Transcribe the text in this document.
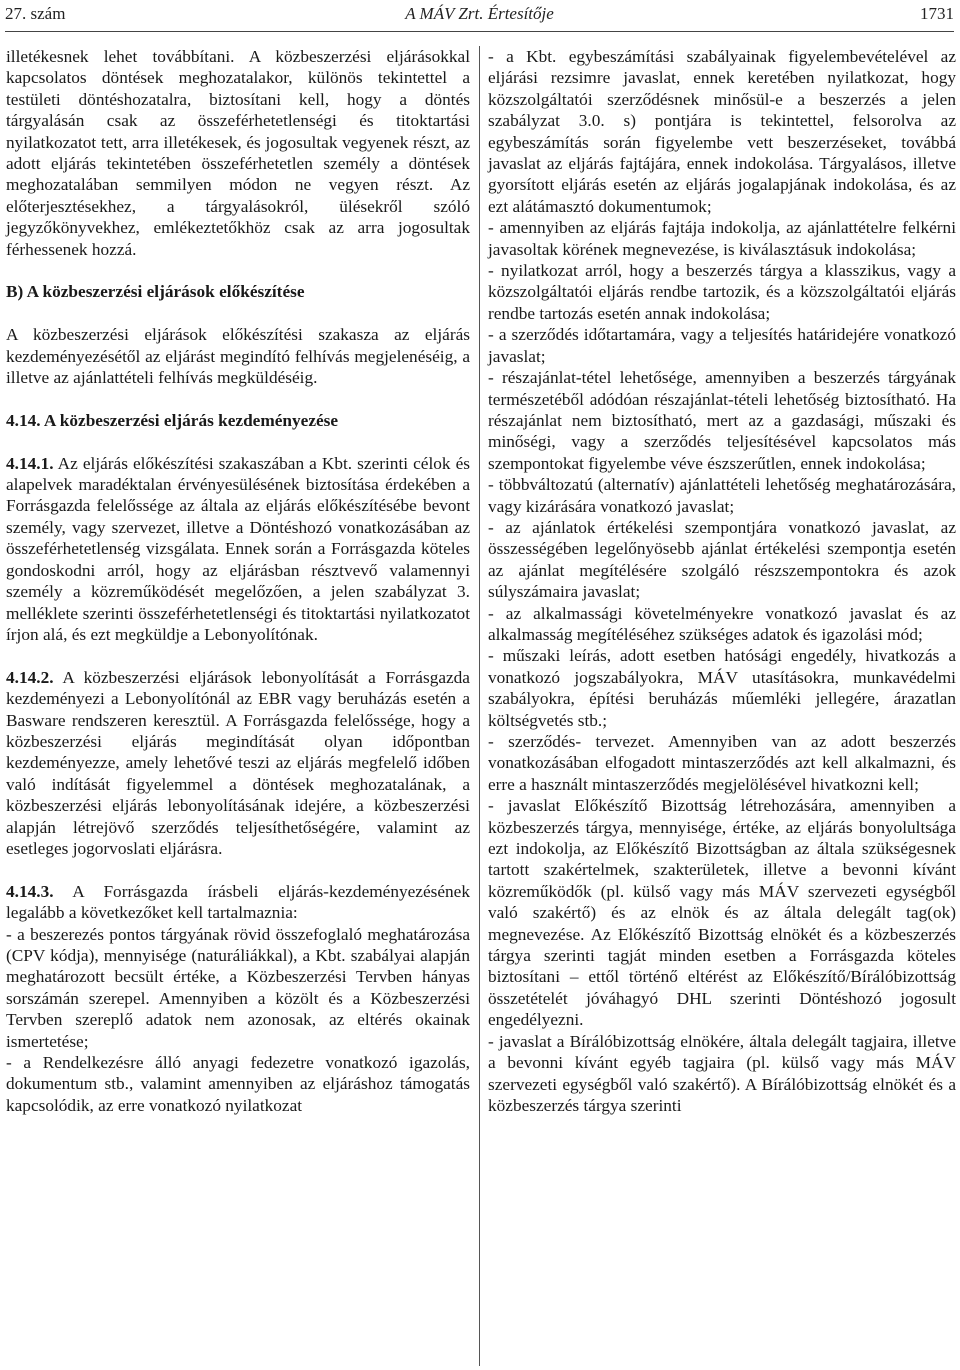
27. szám	A MÁV Zrt. Értesítője	1731

illetékesnek lehet továbbítani. A közbeszerzési eljárásokkal kapcsolatos döntések meghozatalakor, különös tekintettel a testületi döntéshozatalra, biztosítani kell, hogy a döntés tárgyalásán csak az összeférhetetlenségi és titoktartási nyilatkozatot tett, arra illetékesek, és jogosultak vegyenek részt, az adott eljárás tekintetében összeférhetetlen személy a döntések meghozatalában semmilyen módon ne vegyen részt. Az előterjesztésekhez, a tárgyalásokról, ülésekről szóló jegyzőkönyvekhez, emlékeztetőkhöz csak az arra jogosultak férhessenek hozzá.

B) A közbeszerzési eljárások előkészítése

A közbeszerzési eljárások előkészítési szakasza az eljárás kezdeményezésétől az eljárást megindító felhívás megjelenéséig, a illetve az ajánlattételi felhívás megküldéséig.

4.14. A közbeszerzési eljárás kezdeményezése

4.14.1. Az eljárás előkészítési szakaszában a Kbt. szerinti célok és alapelvek maradéktalan érvényesülésének biztosítása érdekében a Forrásgazda felelőssége az általa az eljárás előkészítésébe bevont személy, vagy szervezet, illetve a Döntéshozó vonatkozásában az összeférhetetlenség vizsgálata. Ennek során a Forrásgazda köteles gondoskodni arról, hogy az eljárásban résztvevő valamennyi személy a közreműködését megelőzően, a jelen szabályzat 3. melléklete szerinti összeférhetetlenségi és titoktartási nyilatkozatot írjon alá, és ezt megküldje a Lebonyolítónak.

4.14.2. A közbeszerzési eljárások lebonyolítását a Forrásgazda kezdeményezi a Lebonyolítónál az EBR vagy beruházás esetén a Basware rendszeren keresztül. A Forrásgazda felelőssége, hogy a közbeszerzési eljárás megindítását olyan időpontban kezdeményezze, amely lehetővé teszi az eljárás megfelelő időben való indítását figyelemmel a döntések meghozatalának, a közbeszerzési eljárás lebonyolításának idejére, a közbeszerzési alapján létrejövő szerződés teljesíthetőségére, valamint az esetleges jogorvoslati eljárásra.

4.14.3. A Forrásgazda írásbeli eljárás-kezdeményezésének legalább a következőket kell tartalmaznia:

- a beszerezés pontos tárgyának rövid összefoglaló meghatározása (CPV kódja), mennyisége (naturáliákkal), a Kbt. szabályai alapján meghatározott becsült értéke, a Közbeszerzési Tervben hányas sorszámán szerepel. Amennyiben a közölt és a Közbeszerzési Tervben szereplő adatok nem azonosak, az eltérés okainak ismertetése;

- a Rendelkezésre álló anyagi fedezetre vonatkozó igazolás, dokumentum stb., valamint amennyiben az eljáráshoz támogatás kapcsolódik, az erre vonatkozó nyilatkozat

- a Kbt. egybeszámítási szabályainak figyelembevételével az eljárási rezsimre javaslat, ennek keretében nyilatkozat, hogy közszolgáltatói szerződésnek minősül-e a beszerzés a jelen szabályzat 3.0. s) pontjára is tekintettel, felsorolva az egybeszámítás során figyelembe vett beszerzéseket, továbbá javaslat az eljárás fajtájára, ennek indokolása. Tárgyalásos, illetve gyorsított eljárás esetén az eljárás jogalapjának indokolása, és az ezt alátámasztó dokumentumok;

- amennyiben az eljárás fajtája indokolja, az ajánlattételre felkérni javasoltak körének megnevezése, is kiválasztásuk indokolása;

- nyilatkozat arról, hogy a beszerzés tárgya a klasszikus, vagy a közszolgáltatói eljárás rendbe tartozik, és a közszolgáltatói eljárás rendbe tartozás esetén annak indokolása;

- a szerződés időtartamára, vagy a teljesítés határidejére vonatkozó javaslat;

- részajánlat-tétel lehetősége, amennyiben a beszerzés tárgyának természetéből adódóan részajánlat-tételi lehetőség biztosítható. Ha részajánlat nem biztosítható, mert az a gazdasági, műszaki és minőségi, vagy a szerződés teljesítésével kapcsolatos más szempontokat figyelembe véve észszerűtlen, ennek indokolása;

- többváltozatú (alternatív) ajánlattételi lehetőség meghatározására, vagy kizárására vonatkozó javaslat;

- az ajánlatok értékelési szempontjára vonatkozó javaslat, az összességében legelőnyösebb ajánlat értékelési szempontja esetén az ajánlat megítélésére szolgáló részszempontokra és azok súlyszámaira javaslat;

- az alkalmassági követelményekre vonatkozó javaslat és az alkalmasság megítéléséhez szükséges adatok és igazolási mód;

- műszaki leírás, adott esetben hatósági engedély, hivatkozás a vonatkozó jogszabályokra, MÁV utasításokra, munkavédelmi szabályokra, építési beruházás műemléki jellegére, árazatlan költségvetés stb.;

- szerződés- tervezet. Amennyiben van az adott beszerzés vonatkozásában elfogadott mintaszerződés azt kell alkalmazni, és erre a használt mintaszerződés megjelölésével hivatkozni kell;

- javaslat Előkészítő Bizottság létrehozására, amennyiben a közbeszerzés tárgya, mennyisége, értéke, az eljárás bonyolultsága ezt indokolja, az Előkészítő Bizottságban az általa szükségesnek tartott szakértelmek, szakterületek, illetve a bevonni kívánt közreműködők (pl. külső vagy más MÁV szervezeti egységből való szakértő) és az elnök és az általa delegált tag(ok) megnevezése. Az Előkészítő Bizottság elnökét és a közbeszerzés tárgya szerinti tagját minden esetben a Forrásgazda köteles biztosítani – ettől történő eltérést az Előkészítő/Bírálóbizottság összetételét jóváhagyó DHL szerinti Döntéshozó jogosult engedélyezni.

- javaslat a Bírálóbizottság elnökére, általa delegált tagjaira, illetve a bevonni kívánt egyéb tagjaira (pl. külső vagy más MÁV szervezeti egységből való szakértő). A Bírálóbizottság elnökét és a közbeszerzés tárgya szerinti
